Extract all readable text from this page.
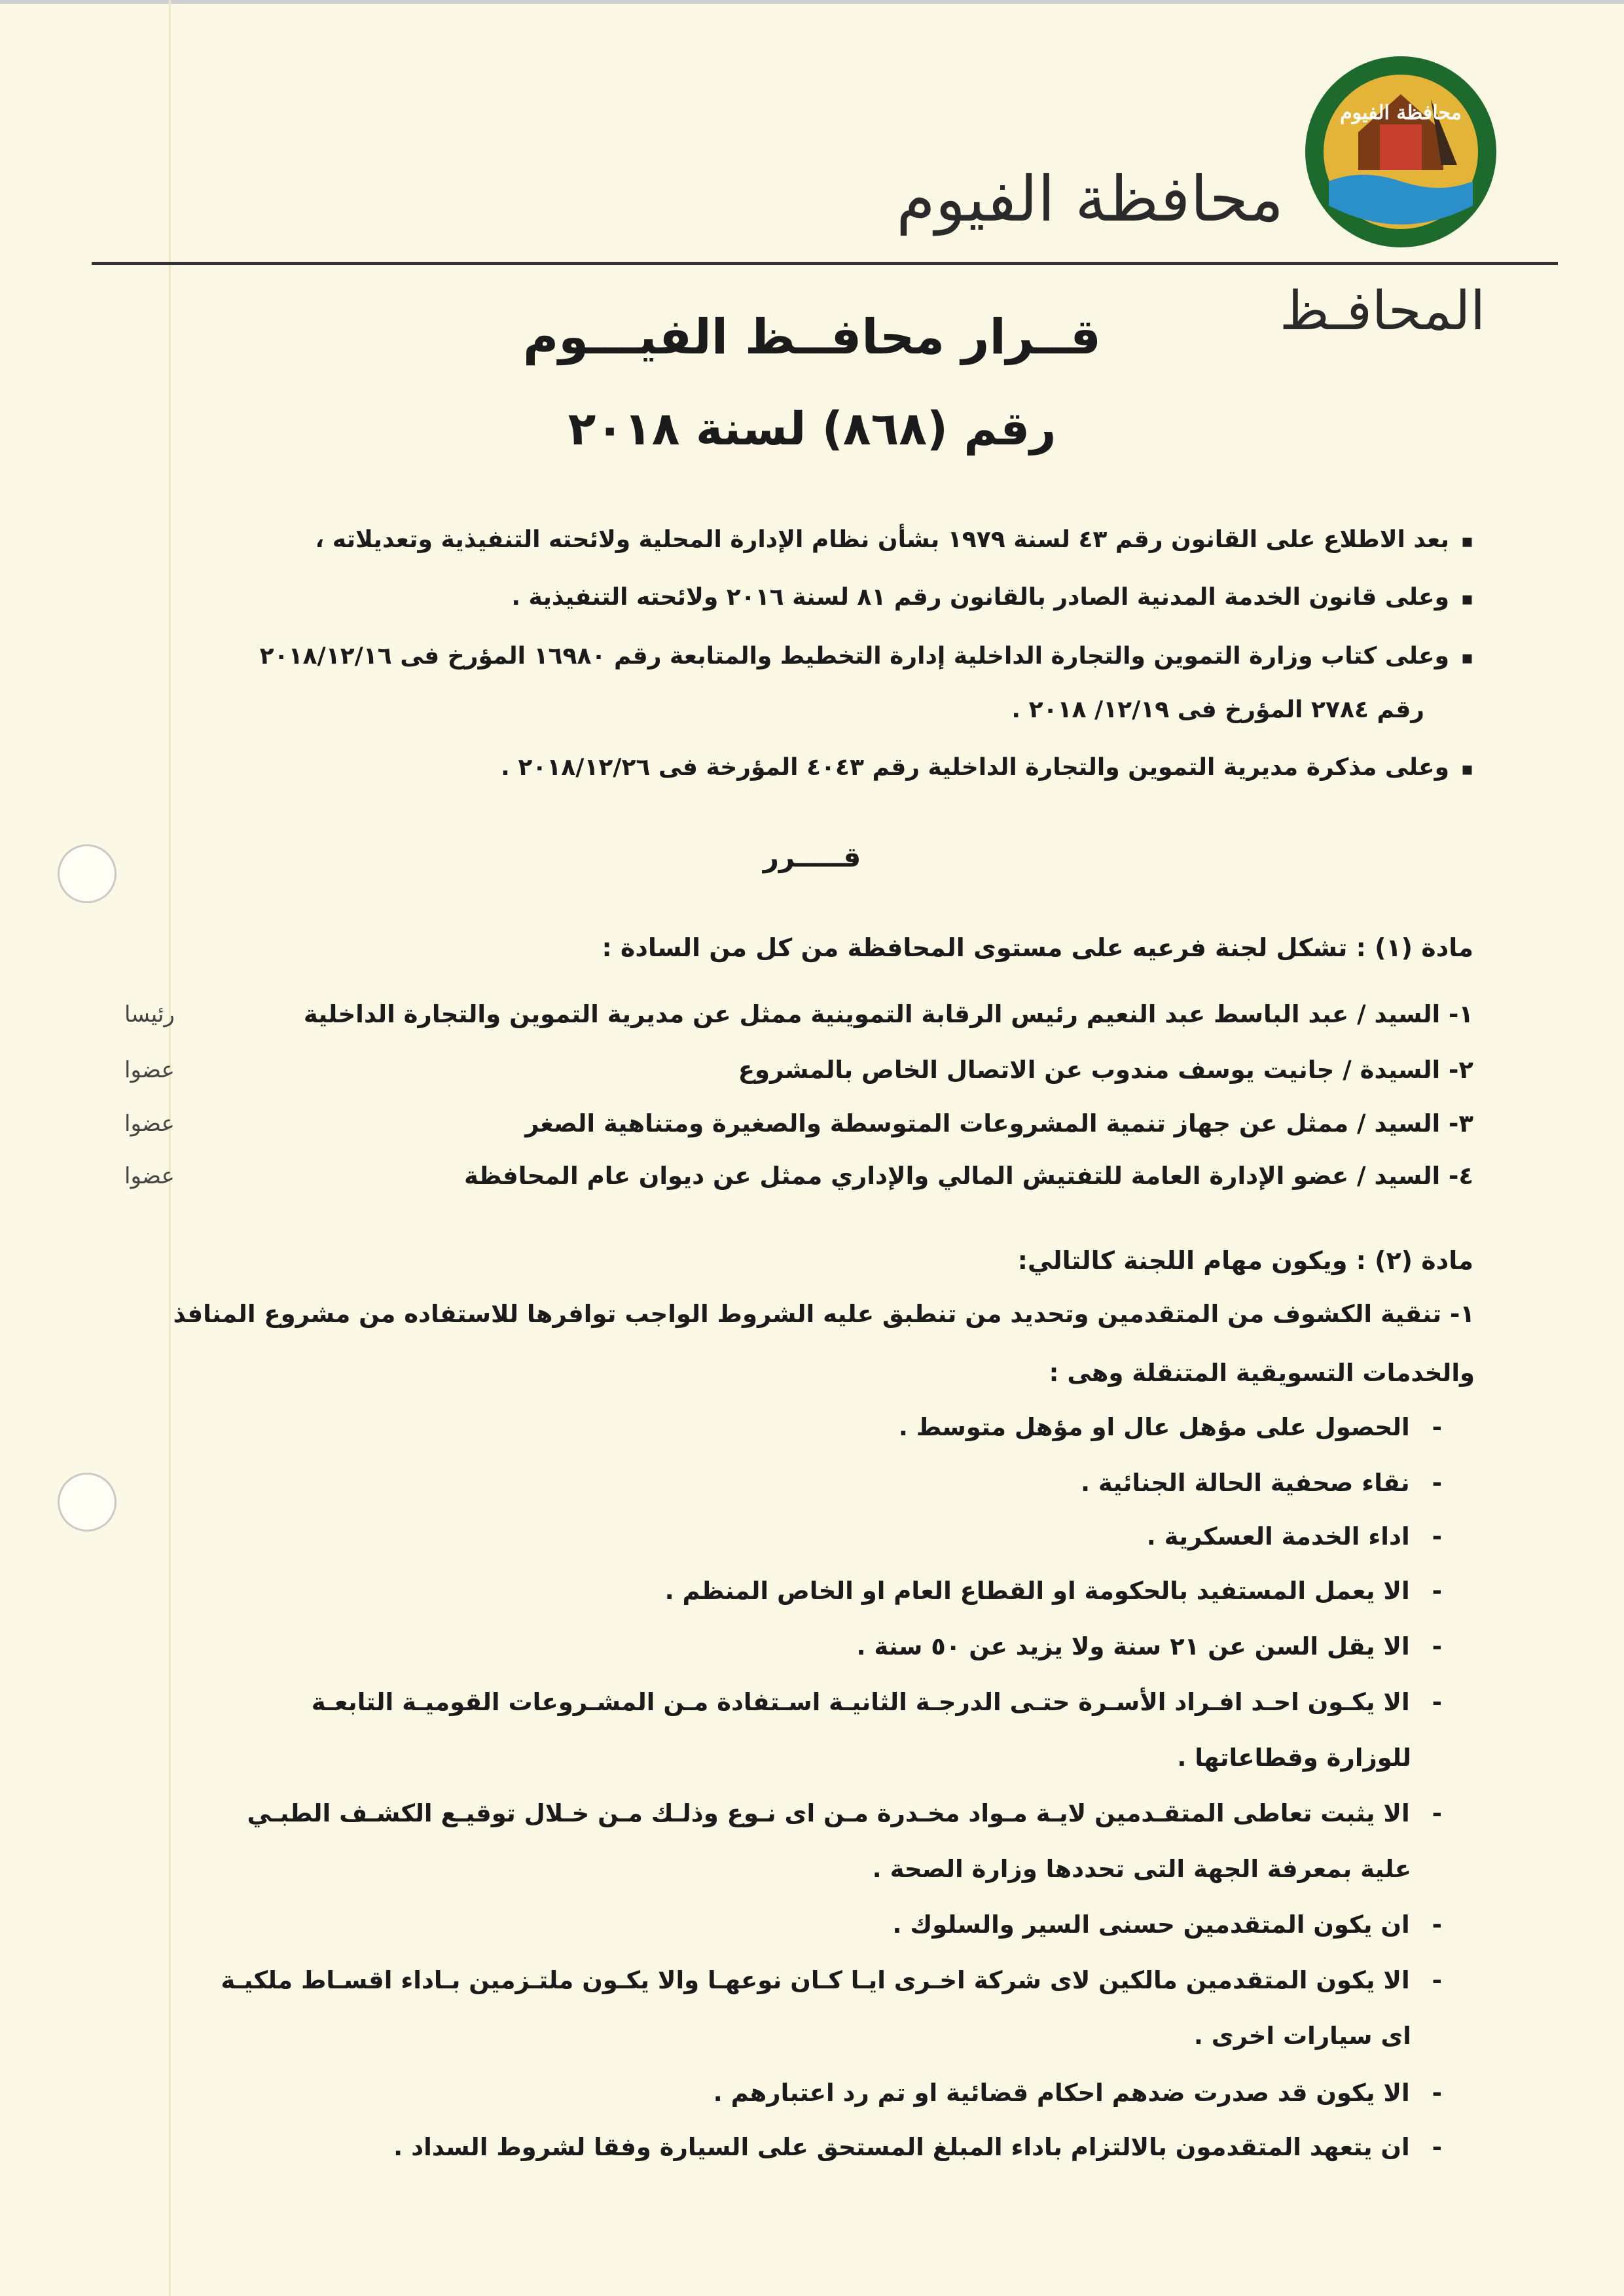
محافظة الفيوم
محافظة الفيوم
المحافـظ
قــرار محافــظ الفيـــوم
رقم (٨٦٨) لسنة ٢٠١٨
▪ بعد الاطلاع على القانون رقم ٤٣ لسنة ١٩٧٩ بشأن نظام الإدارة المحلية ولائحته التنفيذية وتعديلاته ،
▪ وعلى قانون الخدمة المدنية الصادر بالقانون رقم ٨١ لسنة ٢٠١٦ ولائحته التنفيذية .
▪ وعلى كتاب وزارة التموين والتجارة الداخلية إدارة التخطيط والمتابعة رقم ١٦٩٨٠ المؤرخ فى ٢٠١٨/١٢/١٦
رقم ٢٧٨٤ المؤرخ فى ١٢/١٩/ ٢٠١٨ .
▪ وعلى مذكرة مديرية التموين والتجارة الداخلية رقم ٤٠٤٣ المؤرخة فى ٢٠١٨/١٢/٢٦ .
قـــــرر
مادة (١) : تشكل لجنة فرعيه على مستوى المحافظة من كل من السادة :
١- السيد / عبد الباسط عبد النعيم رئيس الرقابة التموينية ممثل عن مديرية التموين والتجارة الداخلية
رئيسا
٢- السيدة / جانيت يوسف مندوب عن الاتصال الخاص بالمشروع
عضوا
٣- السيد / ممثل عن جهاز تنمية المشروعات المتوسطة والصغيرة ومتناهية الصغر
عضوا
٤- السيد / عضو الإدارة العامة للتفتيش المالي والإداري ممثل عن ديوان عام المحافظة
عضوا
مادة (٢) : ويكون مهام اللجنة كالتالي:
١- تنقية الكشوف من المتقدمين وتحديد من تنطبق عليه الشروط الواجب توافرها للاستفاده من مشروع المنافذ
والخدمات التسويقية المتنقلة وهى :
-الحصول على مؤهل عال او مؤهل متوسط .
-نقاء صحفية الحالة الجنائية .
-اداء الخدمة العسكرية .
-الا يعمل المستفيد بالحكومة او القطاع العام او الخاص المنظم .
-الا يقل السن عن ٢١ سنة ولا يزيد عن ٥٠ سنة .
-الا يكـون احـد افـراد الأسـرة حتـى الدرجـة الثانيـة اسـتفادة مـن المشـروعات القوميـة التابعـة
للوزارة وقطاعاتها .
-الا يثبت تعاطى المتقـدمين لايـة مـواد مخـدرة مـن اى نـوع وذلـك مـن خـلال توقيـع الكشـف الطبـي
علية بمعرفة الجهة التى تحددها وزارة الصحة .
-ان يكون المتقدمين حسنى السير والسلوك .
-الا يكون المتقدمين مالكين لاى شركة اخـرى ايـا كـان نوعهـا والا يكـون ملتـزمين بـاداء اقسـاط ملكيـة
اى سيارات اخرى .
-الا يكون قد صدرت ضدهم احكام قضائية او تم رد اعتبارهم .
-ان يتعهد المتقدمون بالالتزام باداء المبلغ المستحق على السيارة وفقا لشروط السداد .
